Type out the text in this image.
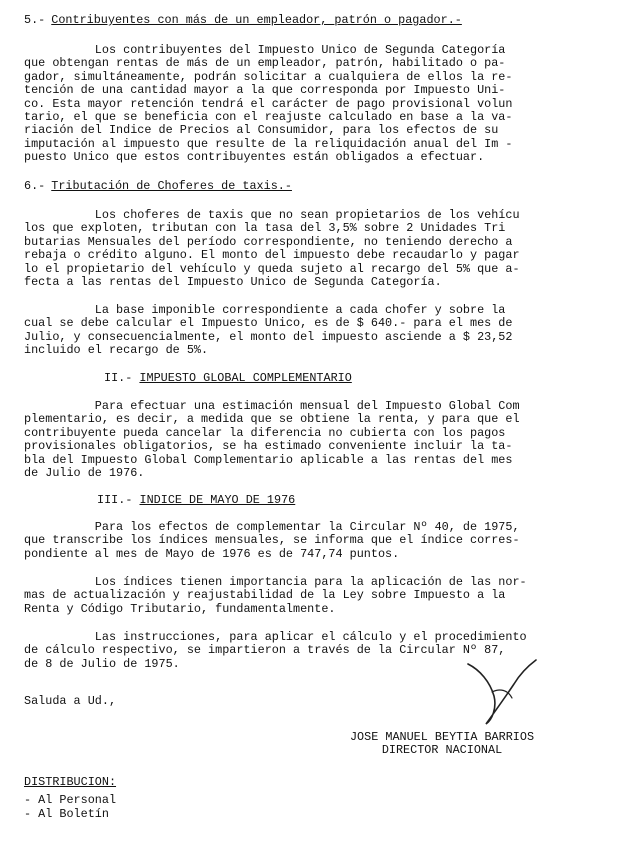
5.- Contribuyentes con más de un empleador, patrón o pagador.-

Los contribuyentes del Impuesto Unico de Segunda Categoría
que obtengan rentas de más de un empleador, patrón, habilitado o pa-
gador, simultáneamente, podrán solicitar a cualquiera de ellos la re-
tención de una cantidad mayor a la que corresponda por Impuesto Uni-
co. Esta mayor retención tendrá el carácter de pago provisional volun
tario, el que se beneficia con el reajuste calculado en base a la va-
riación del Indice de Precios al Consumidor, para los efectos de su
imputación al impuesto que resulte de la reliquidación anual del Im -
puesto Unico que estos contribuyentes están obligados a efectuar.

6.- Tributación de Choferes de taxis.-

Los choferes de taxis que no sean propietarios de los vehícu
los que exploten, tributan con la tasa del 3,5% sobre 2 Unidades Tri
butarias Mensuales del período correspondiente, no teniendo derecho a
rebaja o crédito alguno. El monto del impuesto debe recaudarlo y pagar
lo el propietario del vehículo y queda sujeto al recargo del 5% que a-
fecta a las rentas del Impuesto Unico de Segunda Categoría.

La base imponible correspondiente a cada chofer y sobre la
cual se debe calcular el Impuesto Unico, es de $ 640.- para el mes de
Julio, y consecuencialmente, el monto del impuesto asciende a $ 23,52
incluido el recargo de 5%.

II.- IMPUESTO GLOBAL COMPLEMENTARIO

Para efectuar una estimación mensual del Impuesto Global Com
plementario, es decir, a medida que se obtiene la renta, y para que el
contribuyente pueda cancelar la diferencia no cubierta con los pagos
provisionales obligatorios, se ha estimado conveniente incluir la ta-
bla del Impuesto Global Complementario aplicable a las rentas del mes
de Julio de 1976.

III.- INDICE DE MAYO DE 1976

Para los efectos de complementar la Circular Nº 40, de 1975,
que transcribe los índices mensuales, se informa que el índice corres-
pondiente al mes de Mayo de 1976 es de 747,74 puntos.

Los índices tienen importancia para la aplicación de las nor-
mas de actualización y reajustabilidad de la Ley sobre Impuesto a la
Renta y Código Tributario, fundamentalmente.

Las instrucciones, para aplicar el cálculo y el procedimiento
de cálculo respectivo, se impartieron a través de la Circular Nº 87,
de 8 de Julio de 1975.

Saluda a Ud.,
JOSE MANUEL BEYTIA BARRIOS
DIRECTOR NACIONAL
DISTRIBUCION:
- Al Personal
- Al Boletín
